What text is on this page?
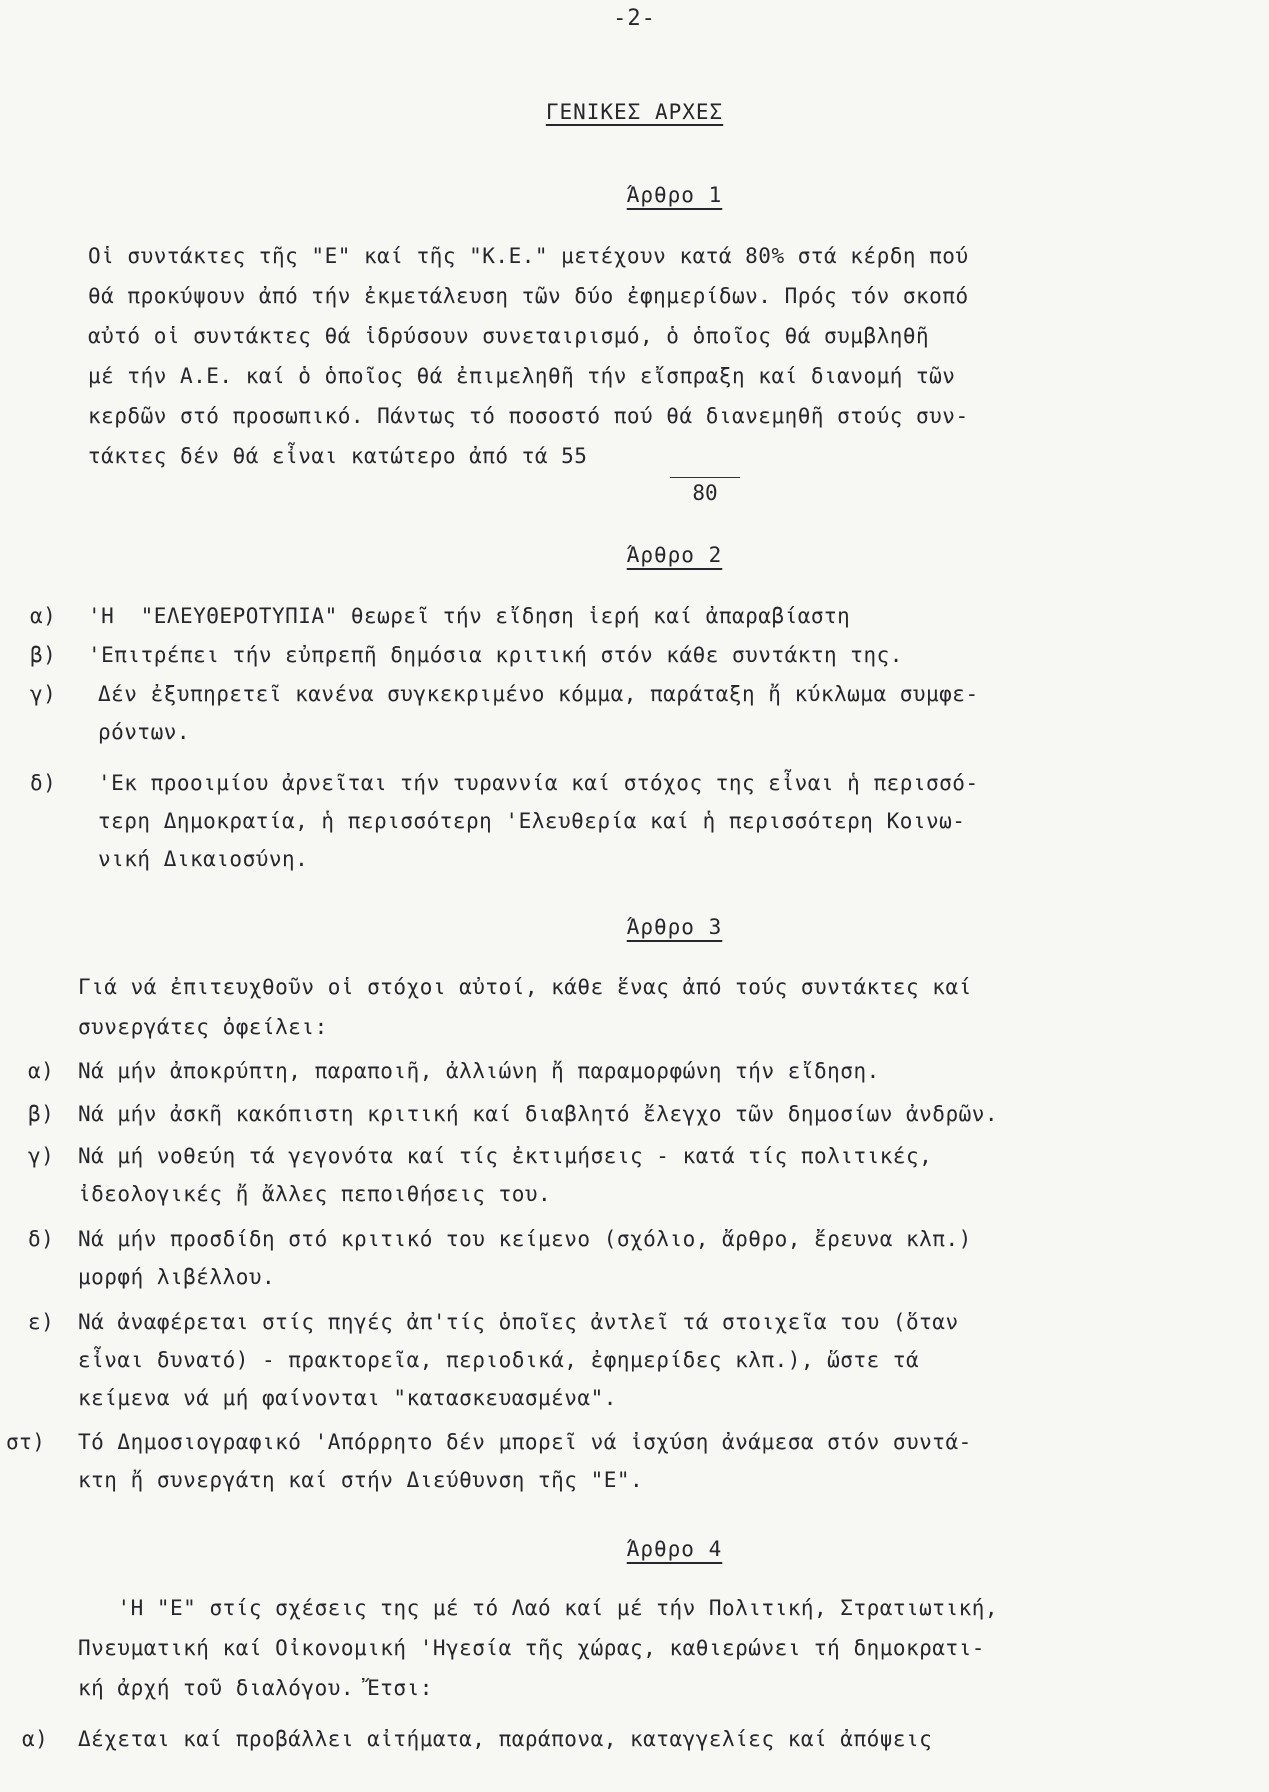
-2-
ΓΕΝΙΚΕΣ ΑΡΧΕΣ
Άρθρο 1
Οἱ συντάκτες τῆς "Ε" καί τῆς "Κ.Ε." μετέχουν κατά 80% στά κέρδη πού
θά προκύψουν ἀπό τήν ἐκμετάλευση τῶν δύο ἐφημερίδων. Πρός τόν σκοπό
αὐτό οἱ συντάκτες θά ἱδρύσουν συνεταιρισμό, ὁ ὁποῖος θά συμβληθῆ
μέ τήν Α.Ε. καί ὁ ὁποῖος θά ἐπιμεληθῆ τήν εἴσπραξη καί διανομή τῶν
κερδῶν στό προσωπικό. Πάντως τό ποσοστό πού θά διανεμηθῆ στούς συν-
τάκτες δέν θά εἶναι κατώτερο ἀπό τά 55
80
Άρθρο 2
α) 'Η  "ΕΛΕΥΘΕΡΟΤΥΠΙΑ" θεωρεῖ τήν εἴδηση ἱερή καί ἀπαραβίαστη
β) 'Επιτρέπει τήν εὐπρεπῆ δημόσια κριτική στόν κάθε συντάκτη της.
γ) Δέν ἐξυπηρετεῖ κανένα συγκεκριμένο κόμμα, παράταξη ἤ κύκλωμα συμφε-
ρόντων.
δ) 'Εκ προοιμίου ἀρνεῖται τήν τυραννία καί στόχος της εἶναι ἡ περισσό-
τερη Δημοκρατία, ἡ περισσότερη 'Ελευθερία καί ἡ περισσότερη Κοινω-
νική Δικαιοσύνη.
Άρθρο 3
Γιά νά ἐπιτευχθοῦν οἱ στόχοι αὐτοί, κάθε ἕνας ἀπό τούς συντάκτες καί
συνεργάτες ὀφείλει:
α) Νά μήν ἀποκρύπτη, παραποιῆ, ἀλλιώνη ἤ παραμορφώνη τήν εἴδηση.
β) Νά μήν ἀσκῆ κακόπιστη κριτική καί διαβλητό ἔλεγχο τῶν δημοσίων ἀνδρῶν.
γ) Νά μή νοθεύη τά γεγονότα καί τίς ἐκτιμήσεις - κατά τίς πολιτικές,
ἰδεολογικές ἤ ἄλλες πεποιθήσεις του.
δ) Νά μήν προσδίδη στό κριτικό του κείμενο (σχόλιο, ἄρθρο, ἔρευνα κλπ.)
μορφή λιβέλλου.
ε) Νά ἀναφέρεται στίς πηγές ἀπ'τίς ὁποῖες ἀντλεῖ τά στοιχεῖα του (ὅταν
εἶναι δυνατό) - πρακτορεῖα, περιοδικά, ἐφημερίδες κλπ.), ὥστε τά
κείμενα νά μή φαίνονται "κατασκευασμένα".
στ) Τό Δημοσιογραφικό 'Απόρρητο δέν μπορεῖ νά ἰσχύση ἀνάμεσα στόν συντά-
κτη ἤ συνεργάτη καί στήν Διεύθυνση τῆς "Ε".
Άρθρο 4
'Η "Ε" στίς σχέσεις της μέ τό Λαό καί μέ τήν Πολιτική, Στρατιωτική,
Πνευματική καί Οἰκονομική 'Ηγεσία τῆς χώρας, καθιερώνει τή δημοκρατι-
κή ἀρχή τοῦ διαλόγου. Ἔτσι:
α) Δέχεται καί προβάλλει αἰτήματα, παράπονα, καταγγελίες καί ἀπόψεις
